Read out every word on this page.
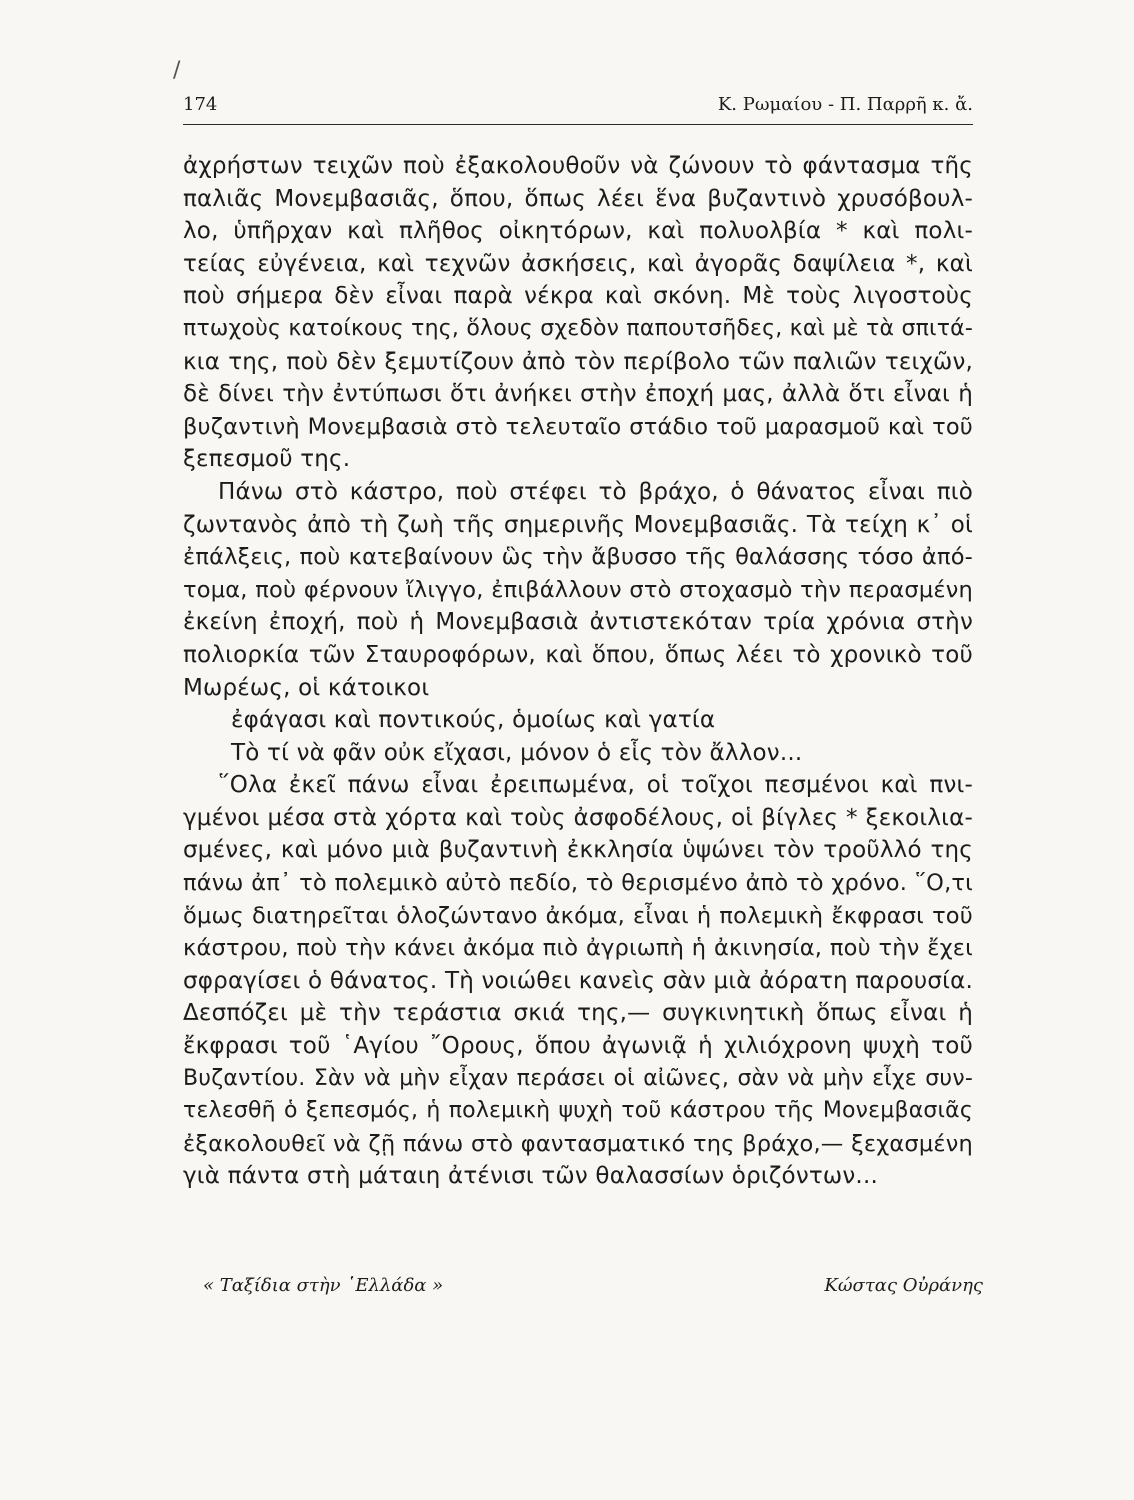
/
174	Κ. Ρωμαίου - Π. Παρρῆ κ. ἄ.
ἀχρήστων τειχῶν ποὺ ἐξακολουθοῦν νὰ ζώνουν τὸ φάντασμα τῆς
παλιᾶς Μονεμβασιᾶς, ὅπου, ὅπως λέει ἕνα βυζαντινὸ χρυσόβουλ-
λο, ὑπῆρχαν καὶ πλῆθος οἰκητόρων, καὶ πολυολβία * καὶ πολι-
τείας εὐγένεια, καὶ τεχνῶν ἀσκήσεις, καὶ ἀγορᾶς δαψίλεια *, καὶ
ποὺ σήμερα δὲν εἶναι παρὰ νέκρα καὶ σκόνη. Μὲ τοὺς λιγοστοὺς
πτωχοὺς κατοίκους της, ὅλους σχεδὸν παπουτσῆδες, καὶ μὲ τὰ σπιτά-
κια της, ποὺ δὲν ξεμυτίζουν ἀπὸ τὸν περίβολο τῶν παλιῶν τειχῶν,
δὲ δίνει τὴν ἐντύπωσι ὅτι ἀνήκει στὴν ἐποχή μας, ἀλλὰ ὅτι εἶναι ἡ
βυζαντινὴ Μονεμβασιὰ στὸ τελευταῖο στάδιο τοῦ μαρασμοῦ καὶ τοῦ
ξεπεσμοῦ της.
Πάνω στὸ κάστρο, ποὺ στέφει τὸ βράχο, ὁ θάνατος εἶναι πιὸ
ζωντανὸς ἀπὸ τὴ ζωὴ τῆς σημερινῆς Μονεμβασιᾶς. Τὰ τείχη κ᾽ οἱ
ἐπάλξεις, ποὺ κατεβαίνουν ὣς τὴν ἄβυσσο τῆς θαλάσσης τόσο ἀπό-
τομα, ποὺ φέρνουν ἴλιγγο, ἐπιβάλλουν στὸ στοχασμὸ τὴν περασμένη
ἐκείνη ἐποχή, ποὺ ἡ Μονεμβασιὰ ἀντιστεκόταν τρία χρόνια στὴν
πολιορκία τῶν Σταυροφόρων, καὶ ὅπου, ὅπως λέει τὸ χρονικὸ τοῦ
Μωρέως, οἱ κάτοικοι
ἐφάγασι καὶ ποντικούς, ὁμοίως καὶ γατία
Τὸ τί νὰ φᾶν οὐκ εἴχασι, μόνον ὁ εἷς τὸν ἄλλον...
῞Ολα ἐκεῖ πάνω εἶναι ἐρειπωμένα, οἱ τοῖχοι πεσμένοι καὶ πνι-
γμένοι μέσα στὰ χόρτα καὶ τοὺς ἀσφοδέλους, οἱ βίγλες * ξεκοιλια-
σμένες, καὶ μόνο μιὰ βυζαντινὴ ἐκκλησία ὑψώνει τὸν τροῦλλό της
πάνω ἀπ᾽ τὸ πολεμικὸ αὐτὸ πεδίο, τὸ θερισμένο ἀπὸ τὸ χρόνο. ῞Ο,τι
ὅμως διατηρεῖται ὁλοζώντανο ἀκόμα, εἶναι ἡ πολεμικὴ ἔκφρασι τοῦ
κάστρου, ποὺ τὴν κάνει ἀκόμα πιὸ ἀγριωπὴ ἡ ἀκινησία, ποὺ τὴν ἔχει
σφραγίσει ὁ θάνατος. Τὴ νοιώθει κανεὶς σὰν μιὰ ἀόρατη παρουσία.
Δεσπόζει μὲ τὴν τεράστια σκιά της,— συγκινητικὴ ὅπως εἶναι ἡ
ἔκφρασι τοῦ ῾Αγίου ῎Ορους, ὅπου ἀγωνιᾷ ἡ χιλιόχρονη ψυχὴ τοῦ
Βυζαντίου. Σὰν νὰ μὴν εἶχαν περάσει οἱ αἰῶνες, σὰν νὰ μὴν εἶχε συν-
τελεσθῆ ὁ ξεπεσμός, ἡ πολεμικὴ ψυχὴ τοῦ κάστρου τῆς Μονεμβασιᾶς
ἐξακολουθεῖ νὰ ζῇ πάνω στὸ φαντασματικό της βράχο,— ξεχασμένη
γιὰ πάντα στὴ μάταιη ἀτένισι τῶν θαλασσίων ὁριζόντων...
« Ταξίδια στὴν ῾Ελλάδα »	Κώστας Οὐράνης
